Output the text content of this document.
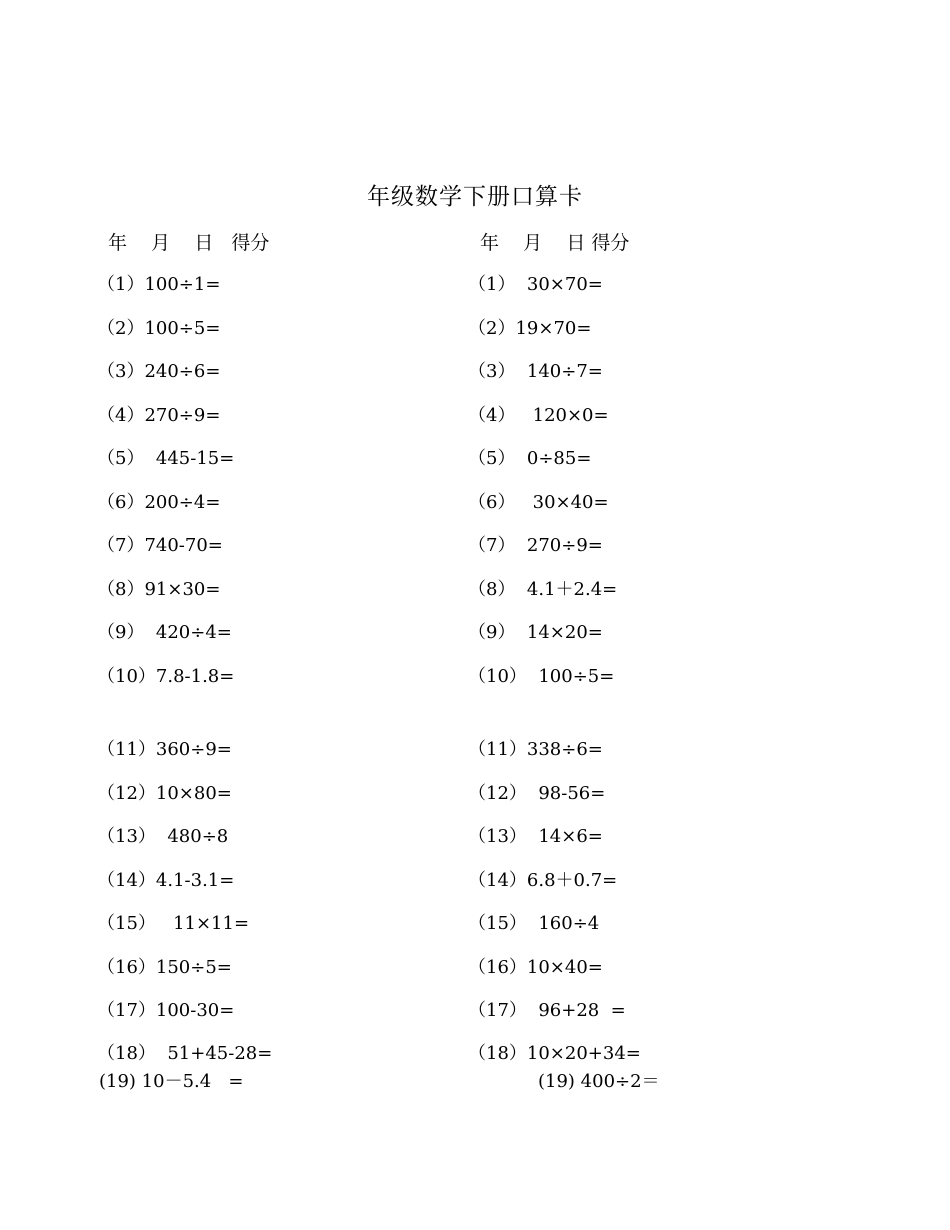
年级数学下册口算卡
年    月    日   得分	年    月    日 得分
（1）100÷1=
（2）100÷5=
（3）240÷6=
（4）270÷9=
（5）  445-15=
（6）200÷4=
（7）740-70=
（8）91×30=
（9）  420÷4=
（10）7.8-1.8=
（11）360÷9=
（12）10×80=
（13）  480÷8
（14）4.1-3.1=
（15）   11×11=
（16）150÷5=
（17）100-30=
（18）  51+45-28=
（1）  30×70=
（2）19×70=
（3）  140÷7=
（4）   120×0=
（5）  0÷85=
（6）   30×40=
（7）  270÷9=
（8）  4.1＋2.4=
（9）  14×20=
（10）  100÷5=
（11）338÷6=
（12）  98-56=
（13）  14×6=
（14）6.8＋0.7=
（15）  160÷4
（16）10×40=
（17）  96+28  =
（18）10×20+34=
(19) 10－5.4   =	(19) 400÷2＝
